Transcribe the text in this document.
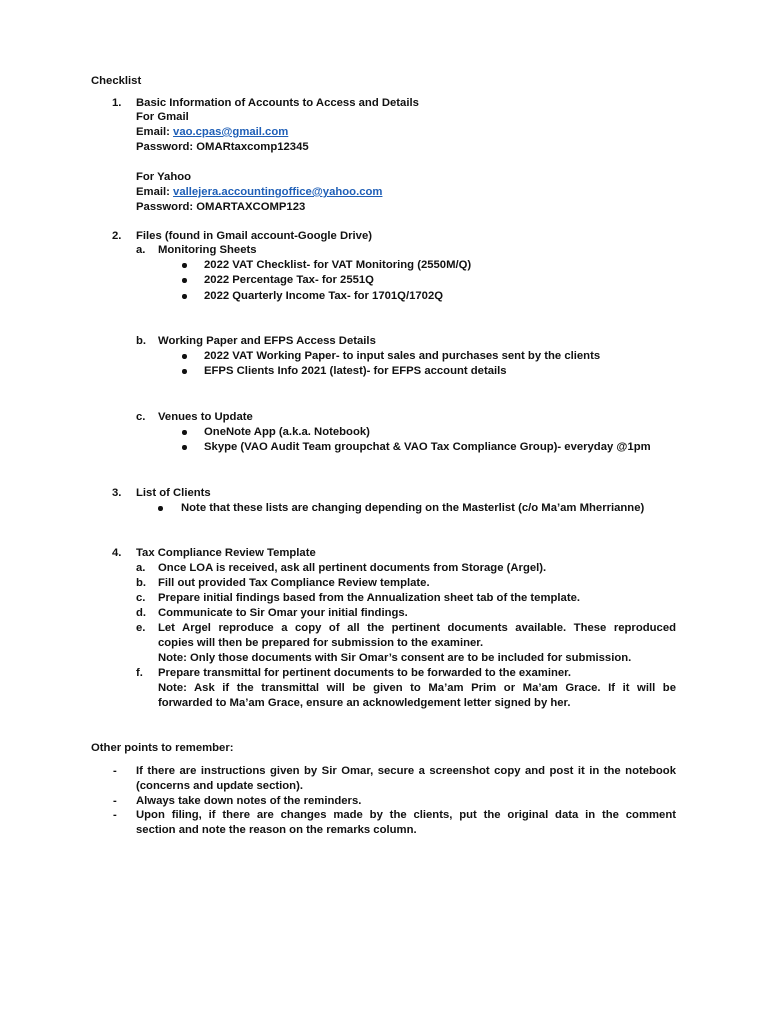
Checklist
1. Basic Information of Accounts to Access and Details
For Gmail
Email: vao.cpas@gmail.com
Password: OMARtaxcomp12345
For Yahoo
Email: vallejera.accountingoffice@yahoo.com
Password: OMARTAXCOMP123
2. Files (found in Gmail account-Google Drive)
a. Monitoring Sheets
2022 VAT Checklist- for VAT Monitoring (2550M/Q)
2022 Percentage Tax- for 2551Q
2022 Quarterly Income Tax- for 1701Q/1702Q
b. Working Paper and EFPS Access Details
2022 VAT Working Paper- to input sales and purchases sent by the clients
EFPS Clients Info 2021 (latest)- for EFPS account details
c. Venues to Update
OneNote App (a.k.a. Notebook)
Skype (VAO Audit Team groupchat & VAO Tax Compliance Group)- everyday @1pm
3. List of Clients
Note that these lists are changing depending on the Masterlist (c/o Ma’am Mherrianne)
4. Tax Compliance Review Template
a. Once LOA is received, ask all pertinent documents from Storage (Argel).
b. Fill out provided Tax Compliance Review template.
c. Prepare initial findings based from the Annualization sheet tab of the template.
d. Communicate to Sir Omar your initial findings.
e. Let Argel reproduce a copy of all the pertinent documents available. These reproduced
copies will then be prepared for submission to the examiner.
Note: Only those documents with Sir Omar’s consent are to be included for submission.
f. Prepare transmittal for pertinent documents to be forwarded to the examiner.
Note: Ask if the transmittal will be given to Ma’am Prim or Ma’am Grace. If it will be
forwarded to Ma’am Grace, ensure an acknowledgement letter signed by her.
Other points to remember:
- If there are instructions given by Sir Omar, secure a screenshot copy and post it in the notebook
(concerns and update section).
- Always take down notes of the reminders.
- Upon filing, if there are changes made by the clients, put the original data in the comment
section and note the reason on the remarks column.
